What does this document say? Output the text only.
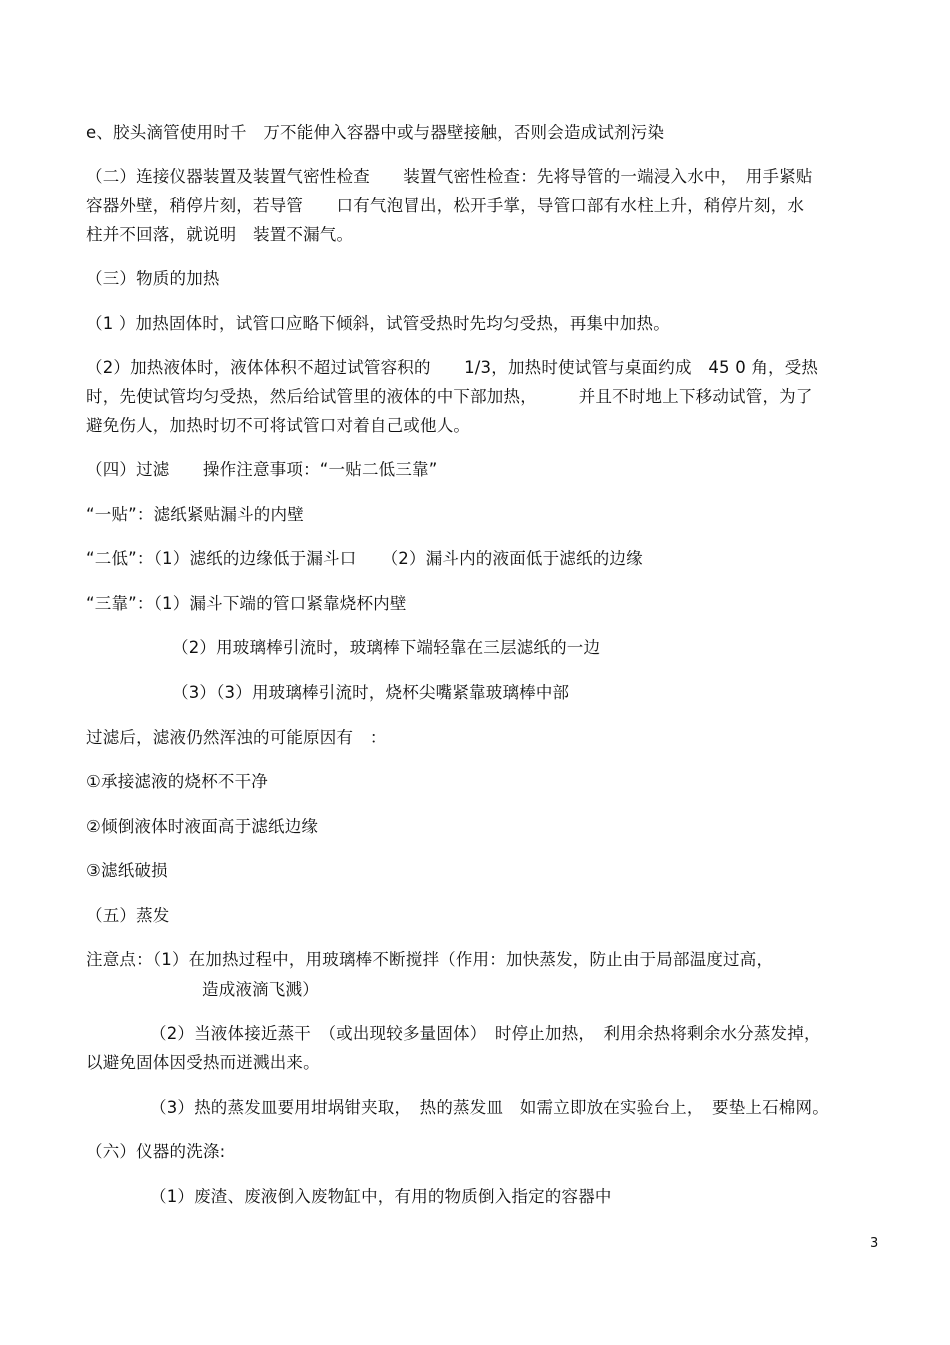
e、胶头滴管使用时千　万不能伸入容器中或与器壁接触，否则会造成试剂污染
（二）连接仪器装置及装置气密性检查　　装置气密性检查：先将导管的一端浸入水中，　用手紧贴
容器外壁，稍停片刻，若导管　　口有气泡冒出，松开手掌，导管口部有水柱上升，稍停片刻，水
柱并不回落，就说明　装置不漏气。
（三）物质的加热
（1 ）加热固体时，试管口应略下倾斜，试管受热时先均匀受热，再集中加热。
（2）加热液体时，液体体积不超过试管容积的　　1/3，加热时使试管与桌面约成　45 0 角，受热
时，先使试管均匀受热，然后给试管里的液体的中下部加热，　　　并且不时地上下移动试管，为了
避免伤人，加热时切不可将试管口对着自己或他人。
（四）过滤　　操作注意事项：“一贴二低三靠”
“一贴”：滤纸紧贴漏斗的内壁
“二低”：（1）滤纸的边缘低于漏斗口　　（2）漏斗内的液面低于滤纸的边缘
“三靠”：（1）漏斗下端的管口紧靠烧杯内壁
（2）用玻璃棒引流时，玻璃棒下端轻靠在三层滤纸的一边
（3）（3）用玻璃棒引流时，烧杯尖嘴紧靠玻璃棒中部
过滤后，滤液仍然浑浊的可能原因有　：
①承接滤液的烧杯不干净
②倾倒液体时液面高于滤纸边缘
③滤纸破损
（五）蒸发
注意点：（1）在加热过程中，用玻璃棒不断搅拌（作用：加快蒸发，防止由于局部温度过高，
造成液滴飞溅）
（2）当液体接近蒸干　（或出现较多量固体）　时停止加热，　利用余热将剩余水分蒸发掉，
以避免固体因受热而迸溅出来。
（3）热的蒸发皿要用坩埚钳夹取，　热的蒸发皿　如需立即放在实验台上，　要垫上石棉网。
（六）仪器的洗涤:
（1）废渣、废液倒入废物缸中，有用的物质倒入指定的容器中
3
